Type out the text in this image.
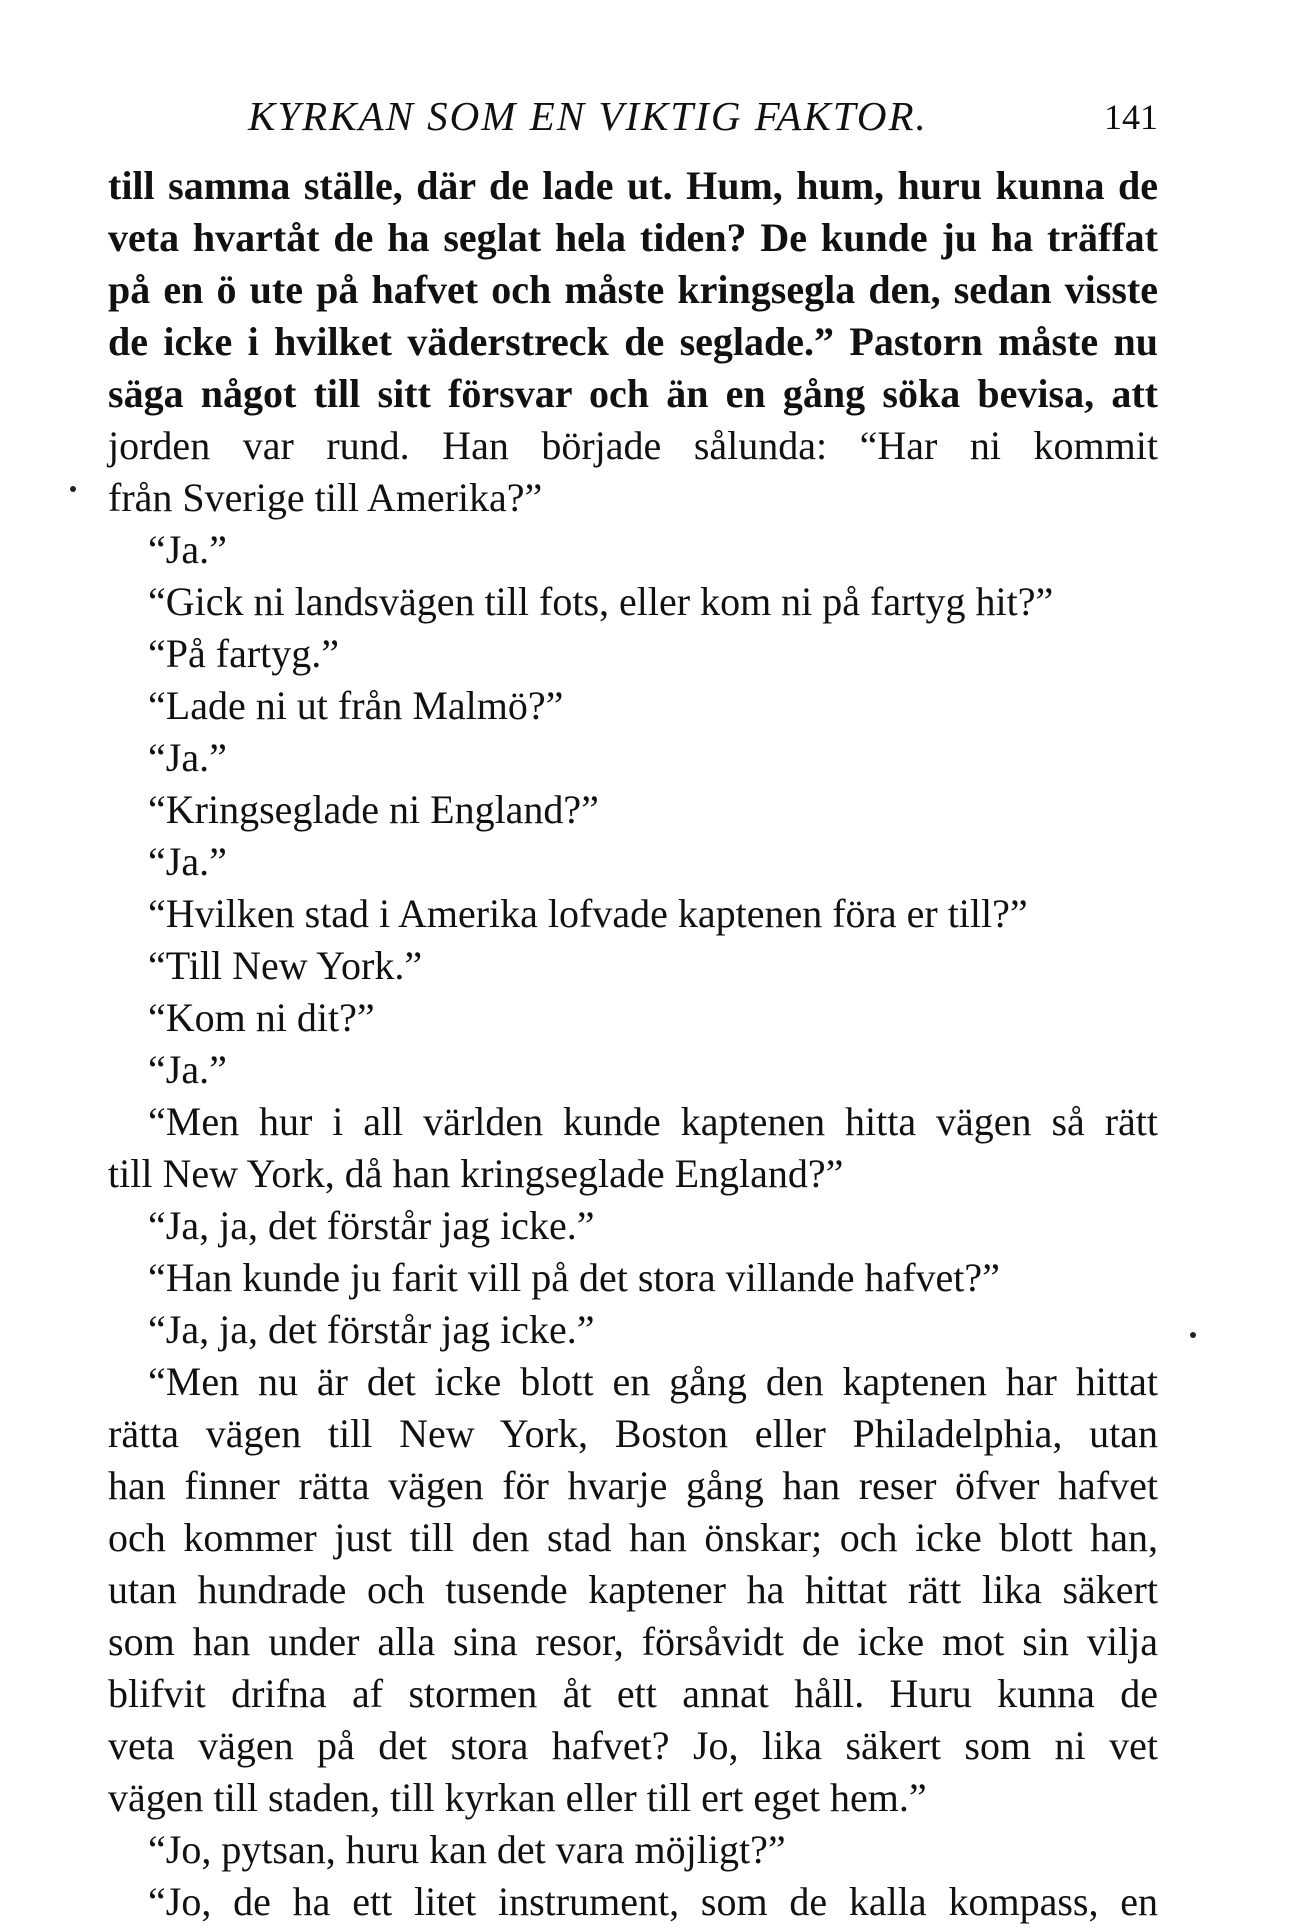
KYRKAN SOM EN VIKTIG FAKTOR.	141
till samma ställe, där de lade ut. Hum, hum, huru kunna de
veta hvartåt de ha seglat hela tiden? De kunde ju ha träffat
på en ö ute på hafvet och måste kringsegla den, sedan visste
de icke i hvilket väderstreck de seglade.” Pastorn måste nu
säga något till sitt försvar och än en gång söka bevisa, att
jorden var rund. Han började sålunda: “Har ni kommit
från Sverige till Amerika?”
“Ja.”
“Gick ni landsvägen till fots, eller kom ni på fartyg hit?”
“På fartyg.”
“Lade ni ut från Malmö?”
“Ja.”
“Kringseglade ni England?”
“Ja.”
“Hvilken stad i Amerika lofvade kaptenen föra er till?”
“Till New York.”
“Kom ni dit?”
“Ja.”
“Men hur i all världen kunde kaptenen hitta vägen så rätt
till New York, då han kringseglade England?”
“Ja, ja, det förstår jag icke.”
“Han kunde ju farit vill på det stora villande hafvet?”
“Ja, ja, det förstår jag icke.”
“Men nu är det icke blott en gång den kaptenen har hittat
rätta vägen till New York, Boston eller Philadelphia, utan
han finner rätta vägen för hvarje gång han reser öfver hafvet
och kommer just till den stad han önskar; och icke blott han,
utan hundrade och tusende kaptener ha hittat rätt lika säkert
som han under alla sina resor, försåvidt de icke mot sin vilja
blifvit drifna af stormen åt ett annat håll. Huru kunna de
veta vägen på det stora hafvet? Jo, lika säkert som ni vet
vägen till staden, till kyrkan eller till ert eget hem.”
“Jo, pytsan, huru kan det vara möjligt?”
“Jo, de ha ett litet instrument, som de kalla kompass, en
